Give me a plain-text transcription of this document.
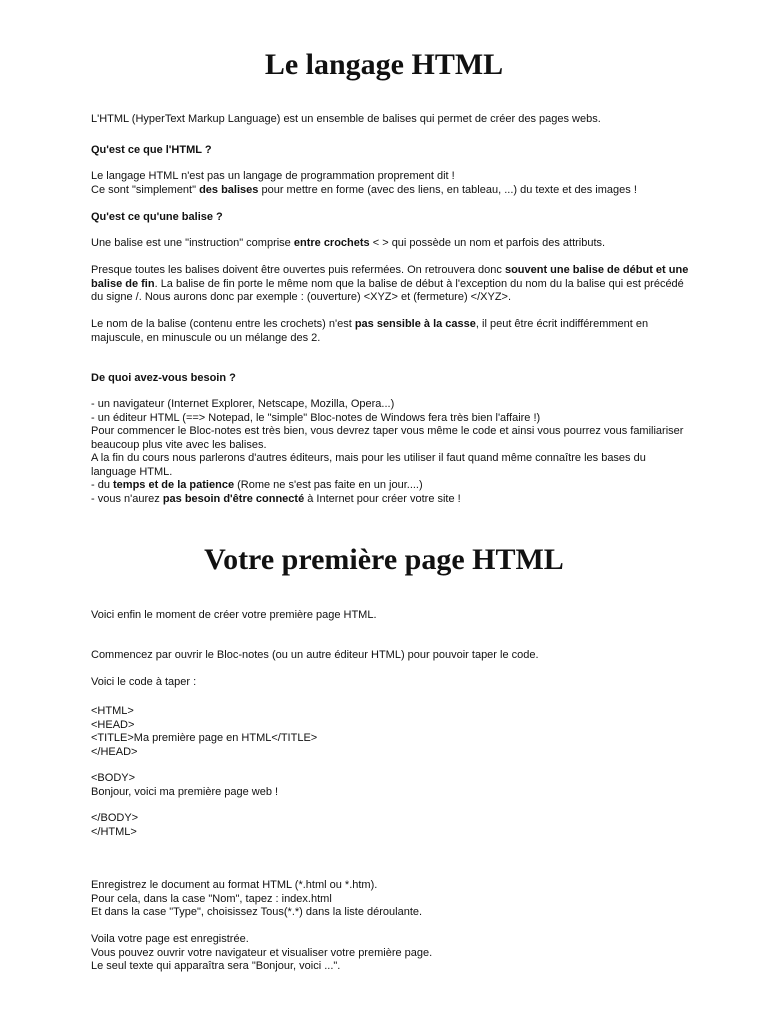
Le langage HTML

L'HTML (HyperText Markup Language) est un ensemble de balises qui permet de créer des pages webs.

Qu'est ce que l'HTML ?

Le langage HTML n'est pas un langage de programmation proprement dit !
Ce sont "simplement" des balises pour mettre en forme (avec des liens, en tableau, ...) du texte et des images !

Qu'est ce qu'une balise ?

Une balise est une "instruction" comprise entre crochets < > qui possède un nom et parfois des attributs.

Presque toutes les balises doivent être ouvertes puis refermées. On retrouvera donc souvent une balise de début et une balise de fin. La balise de fin porte le même nom que la balise de début à l'exception du nom du la balise qui est précédé du signe /. Nous aurons donc par exemple : (ouverture) <XYZ> et (fermeture) </XYZ>.

Le nom de la balise (contenu entre les crochets) n'est pas sensible à la casse, il peut être écrit indifféremment en majuscule, en minuscule ou un mélange des 2.

De quoi avez-vous besoin ?

- un navigateur (Internet Explorer, Netscape, Mozilla, Opera...)
- un éditeur HTML (==> Notepad, le "simple" Bloc-notes de Windows fera très bien l'affaire !)
Pour commencer le Bloc-notes est très bien, vous devrez taper vous même le code et ainsi vous pourrez vous familiariser beaucoup plus vite avec les balises.
A la fin du cours nous parlerons d'autres éditeurs, mais pour les utiliser il faut quand même connaître les bases du language HTML.
- du temps et de la patience (Rome ne s'est pas faite en un jour....)
- vous n'aurez pas besoin d'être connecté à Internet pour créer votre site !

Votre première page HTML

Voici enfin le moment de créer votre première page HTML.

Commencez par ouvrir le Bloc-notes (ou un autre éditeur HTML) pour pouvoir taper le code.

Voici le code à taper :

<HTML>
<HEAD>
<TITLE>Ma première page en HTML</TITLE>
</HEAD>

<BODY>
Bonjour, voici ma première page web !

</BODY>
</HTML>

Enregistrez le document au format HTML (*.html ou *.htm).
Pour cela, dans la case "Nom", tapez : index.html
Et dans la case "Type", choisissez Tous(*.*) dans la liste déroulante.

Voila votre page est enregistrée.
Vous pouvez ouvrir votre navigateur et visualiser votre première page.
Le seul texte qui apparaîtra sera "Bonjour, voici ...".
